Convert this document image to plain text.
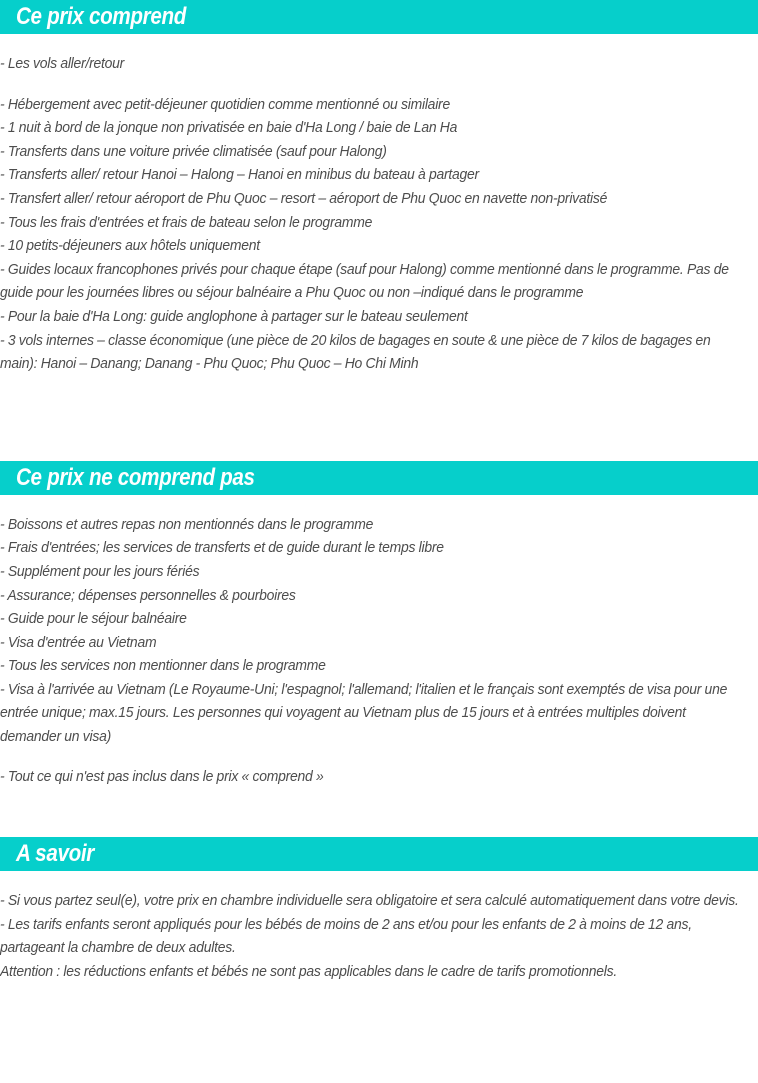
Ce prix comprend

- Les vols aller/retour

- Hébergement avec petit-déjeuner quotidien comme mentionné ou similaire

- 1 nuit à bord de la jonque non privatisée en baie d'Ha Long / baie de Lan Ha

- Transferts dans une voiture privée climatisée (sauf pour Halong)

- Transferts aller/ retour Hanoi – Halong – Hanoi en minibus du bateau à partager

- Transfert aller/ retour aéroport de Phu Quoc – resort – aéroport de Phu Quoc en navette non-privatisé

- Tous les frais d'entrées et frais de bateau selon le programme

- 10 petits-déjeuners aux hôtels uniquement

- Guides locaux francophones privés pour chaque étape (sauf pour Halong) comme mentionné dans le programme. Pas de guide pour les journées libres ou séjour balnéaire a Phu Quoc ou non –indiqué dans le programme

- Pour la baie d'Ha Long: guide anglophone à partager sur le bateau seulement

- 3 vols internes – classe économique (une pièce de 20 kilos de bagages en soute & une pièce de 7 kilos de bagages en main): Hanoi – Danang; Danang - Phu Quoc; Phu Quoc – Ho Chi Minh

Ce prix ne comprend pas

- Boissons et autres repas non mentionnés dans le programme

- Frais d'entrées; les services de transferts et de guide durant le temps libre

- Supplément pour les jours fériés

- Assurance; dépenses personnelles & pourboires

- Guide pour le séjour balnéaire

- Visa d'entrée au Vietnam

- Tous les services non mentionner dans le programme

- Visa à l'arrivée au Vietnam (Le Royaume-Uni; l'espagnol; l'allemand; l'italien et le français sont exemptés de visa pour une entrée unique; max.15 jours. Les personnes qui voyagent au Vietnam plus de 15 jours et à entrées multiples doivent demander un visa)

- Tout ce qui n'est pas inclus dans le prix « comprend »

A savoir

- Si vous partez seul(e), votre prix en chambre individuelle sera obligatoire et sera calculé automatiquement dans votre devis.

- Les tarifs enfants seront appliqués pour les bébés de moins de 2 ans et/ou pour les enfants de 2 à moins de 12 ans, partageant la chambre de deux adultes.

Attention : les réductions enfants et bébés ne sont pas applicables dans le cadre de tarifs promotionnels.
